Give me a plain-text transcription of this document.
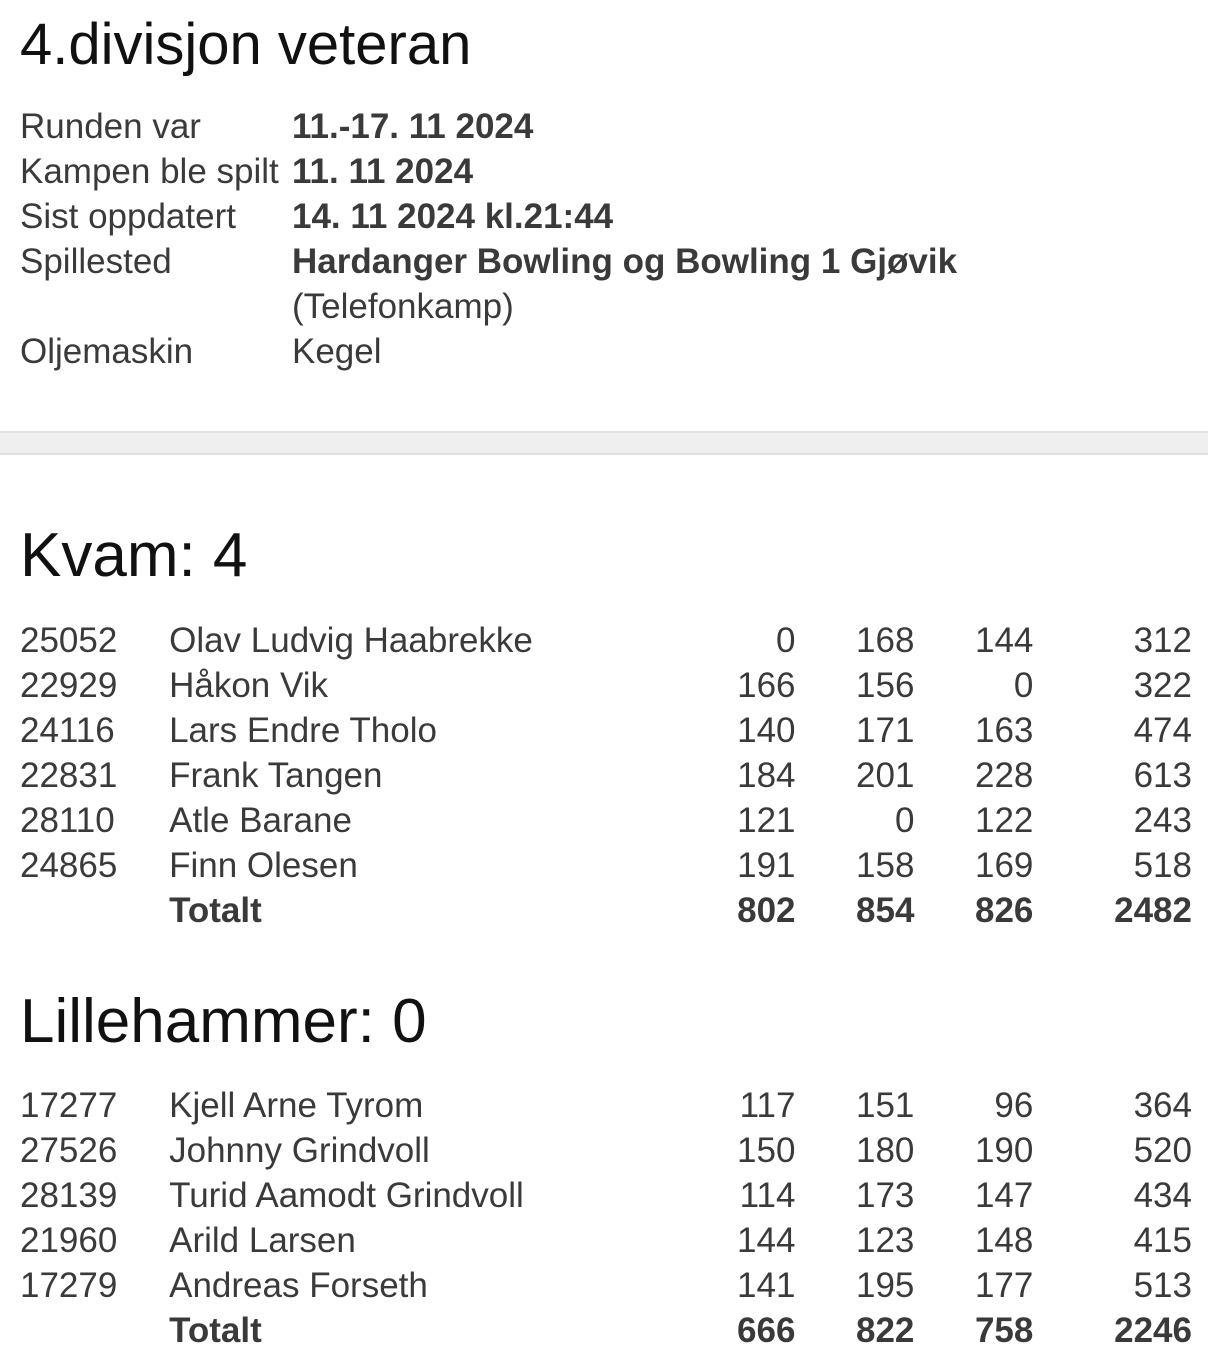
4.divisjon veteran
Runden var	11.-17. 11 2024
Kampen ble spilt 11. 11 2024
Sist oppdatert	14. 11 2024 kl.21:44
Spillested	Hardanger Bowling og Bowling 1 Gjøvik
(Telefonkamp)
Oljemaskin	Kegel
Kvam: 4
25052	Olav Ludvig Haabrekke	0	168	144	312
22929	Håkon Vik	166	156	0	322
24116	Lars Endre Tholo	140	171	163	474
22831	Frank Tangen	184	201	228	613
28110	Atle Barane	121	0	122	243
24865	Finn Olesen	191	158	169	518
	Totalt	802	854	826	2482
Lillehammer: 0
17277	Kjell Arne Tyrom	117	151	96	364
27526	Johnny Grindvoll	150	180	190	520
28139	Turid Aamodt Grindvoll	114	173	147	434
21960	Arild Larsen	144	123	148	415
17279	Andreas Forseth	141	195	177	513
	Totalt	666	822	758	2246
